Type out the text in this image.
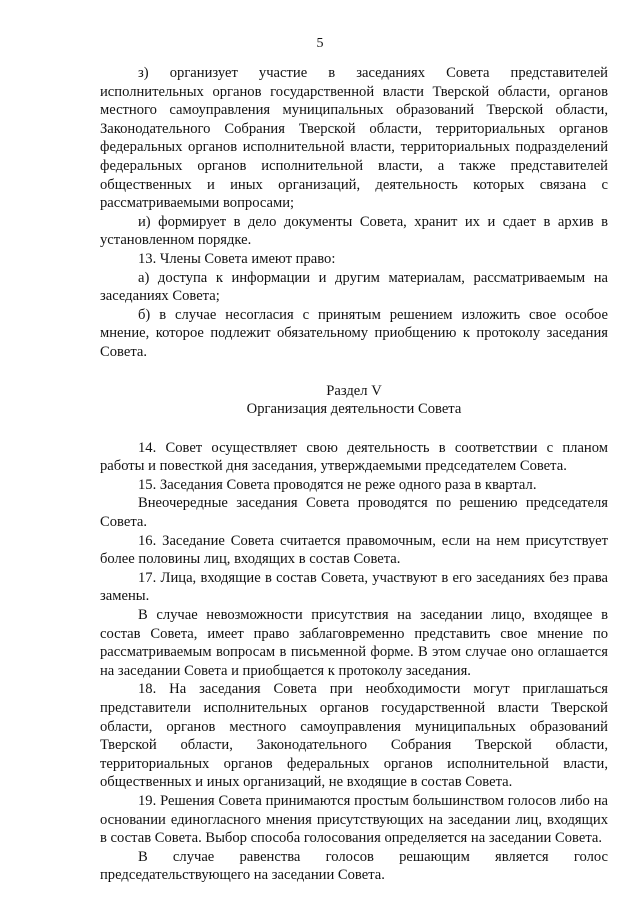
5

з) организует участие в заседаниях Совета представителей исполнительных органов государственной власти Тверской области, органов местного самоуправления муниципальных образований Тверской области, Законодательного Собрания Тверской области, территориальных органов федеральных органов исполнительной власти, территориальных подразделений федеральных органов исполнительной власти, а также представителей общественных и иных организаций, деятельность которых связана с рассматриваемыми вопросами;

и) формирует в дело документы Совета, хранит их и сдает в архив в установленном порядке.

13. Члены Совета имеют право:

а) доступа к информации и другим материалам, рассматриваемым на заседаниях Совета;

б) в случае несогласия с принятым решением изложить свое особое мнение, которое подлежит обязательному приобщению к протоколу заседания Совета.

Раздел V

Организация деятельности Совета

14. Совет осуществляет свою деятельность в соответствии с планом работы и повесткой дня заседания, утверждаемыми председателем Совета.

15. Заседания Совета проводятся не реже одного раза в квартал.

Внеочередные заседания Совета проводятся по решению председателя Совета.

16. Заседание Совета считается правомочным, если на нем присутствует более половины лиц, входящих в состав Совета.

17. Лица, входящие в состав Совета, участвуют в его заседаниях без права замены.

В случае невозможности присутствия на заседании лицо, входящее в состав Совета, имеет право заблаговременно представить свое мнение по рассматриваемым вопросам в письменной форме. В этом случае оно оглашается на заседании Совета и приобщается к протоколу заседания.

18. На заседания Совета при необходимости могут приглашаться представители исполнительных органов государственной власти Тверской области, органов местного самоуправления муниципальных образований Тверской области, Законодательного Собрания Тверской области, территориальных органов федеральных органов исполнительной власти, общественных и иных организаций, не входящие в состав Совета.

19. Решения Совета принимаются простым большинством голосов либо на основании единогласного мнения присутствующих на заседании лиц, входящих в состав Совета. Выбор способа голосования определяется на заседании Совета.

В случае равенства голосов решающим является голос председательствующего на заседании Совета.
